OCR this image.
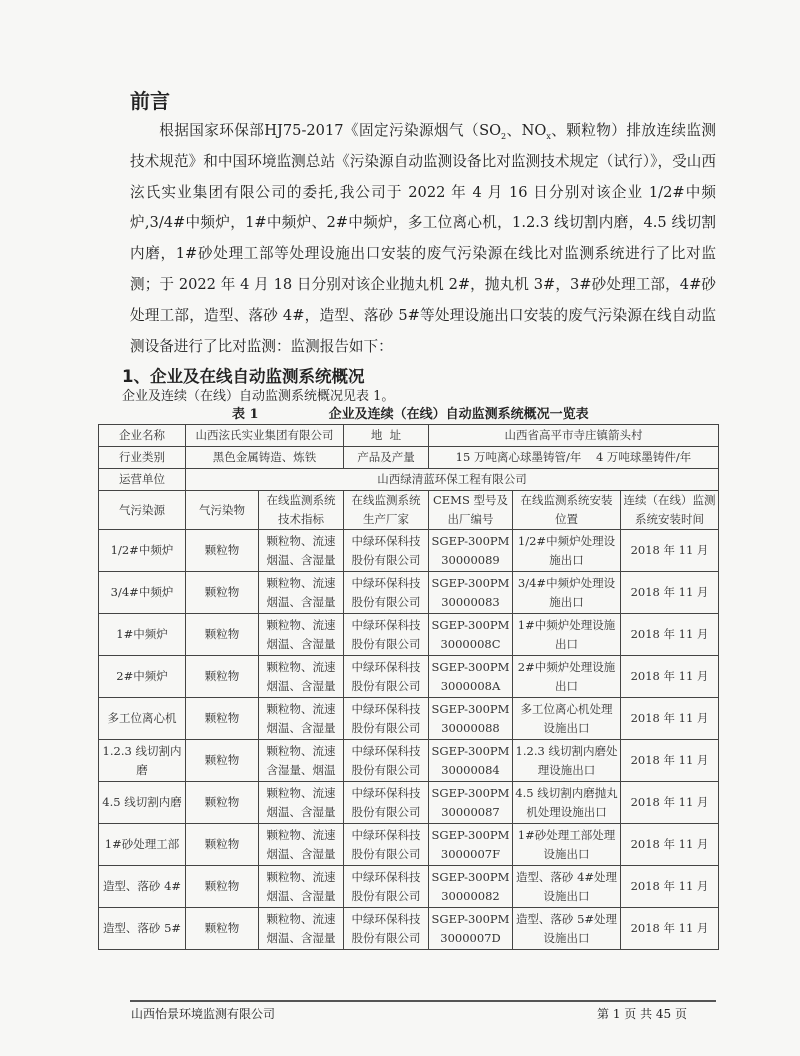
前言
根据国家环保部HJ75-2017《固定污染源烟气（$SO_2$、$NO_x$、颗粒物）排放连续监测技术规范》和中国环境监测总站《污染源自动监测设备比对监测技术规定（试行）》，受山西泫氏实业集团有限公司的委托,我公司于 2022 年 4 月 16 日分别对该企业 1/2#中频炉,3/4#中频炉，1#中频炉、2#中频炉，多工位离心机，1.2.3 线切割内磨，4.5 线切割内磨，1#砂处理工部等处理设施出口安装的废气污染源在线比对监测系统进行了比对监测；于 2022 年 4 月 18 日分别对该企业抛丸机 2#，抛丸机 3#，3#砂处理工部，4#砂处理工部，造型、落砂 4#，造型、落砂 5#等处理设施出口安装的废气污染源在线自动监测设备进行了比对监测：监测报告如下：
1、企业及在线自动监测系统概况
企业及连续（在线）自动监测系统概况见表 1。
表 1	企业及连续（在线）自动监测系统概况一览表
企业名称	山西泫氏实业集团有限公司		地  址	山西省高平市寺庄镇箭头村		
行业类别	黑色金属铸造、炼铁		产品及产量	15 万吨离心球墨铸管/年    4 万吨球墨铸件/年		
运营单位	山西绿清蓝环保工程有限公司					
气污染源	气污染物	在线监测系统技术指标	在线监测系统生产厂家	CEMS 型号及出厂编号	在线监测系统安装位置	连续（在线）监测系统安装时间
1/2#中频炉	颗粒物	颗粒物、流速烟温、含湿量	中绿环保科技股份有限公司	SGEP-300PM 30000089	1/2#中频炉处理设施出口	2018 年 11 月
3/4#中频炉	颗粒物	颗粒物、流速烟温、含湿量	中绿环保科技股份有限公司	SGEP-300PM 30000083	3/4#中频炉处理设施出口	2018 年 11 月
1#中频炉	颗粒物	颗粒物、流速烟温、含湿量	中绿环保科技股份有限公司	SGEP-300PM 3000008C	1#中频炉处理设施出口	2018 年 11 月
2#中频炉	颗粒物	颗粒物、流速烟温、含湿量	中绿环保科技股份有限公司	SGEP-300PM 3000008A	2#中频炉处理设施出口	2018 年 11 月
多工位离心机	颗粒物	颗粒物、流速烟温、含湿量	中绿环保科技股份有限公司	SGEP-300PM 30000088	多工位离心机处理设施出口	2018 年 11 月
1.2.3 线切割内磨	颗粒物	颗粒物、流速含湿量、烟温	中绿环保科技股份有限公司	SGEP-300PM 30000084	1.2.3 线切割内磨处理设施出口	2018 年 11 月
4.5 线切割内磨	颗粒物	颗粒物、流速烟温、含湿量	中绿环保科技股份有限公司	SGEP-300PM 30000087	4.5 线切割内磨抛丸机处理设施出口	2018 年 11 月
1#砂处理工部	颗粒物	颗粒物、流速烟温、含湿量	中绿环保科技股份有限公司	SGEP-300PM 3000007F	1#砂处理工部处理设施出口	2018 年 11 月
造型、落砂 4#	颗粒物	颗粒物、流速烟温、含湿量	中绿环保科技股份有限公司	SGEP-300PM 30000082	造型、落砂 4#处理设施出口	2018 年 11 月
造型、落砂 5#	颗粒物	颗粒物、流速烟温、含湿量	中绿环保科技股份有限公司	SGEP-300PM 3000007D	造型、落砂 5#处理设施出口	2018 年 11 月
山西怡景环境监测有限公司	第 1 页 共 45 页
